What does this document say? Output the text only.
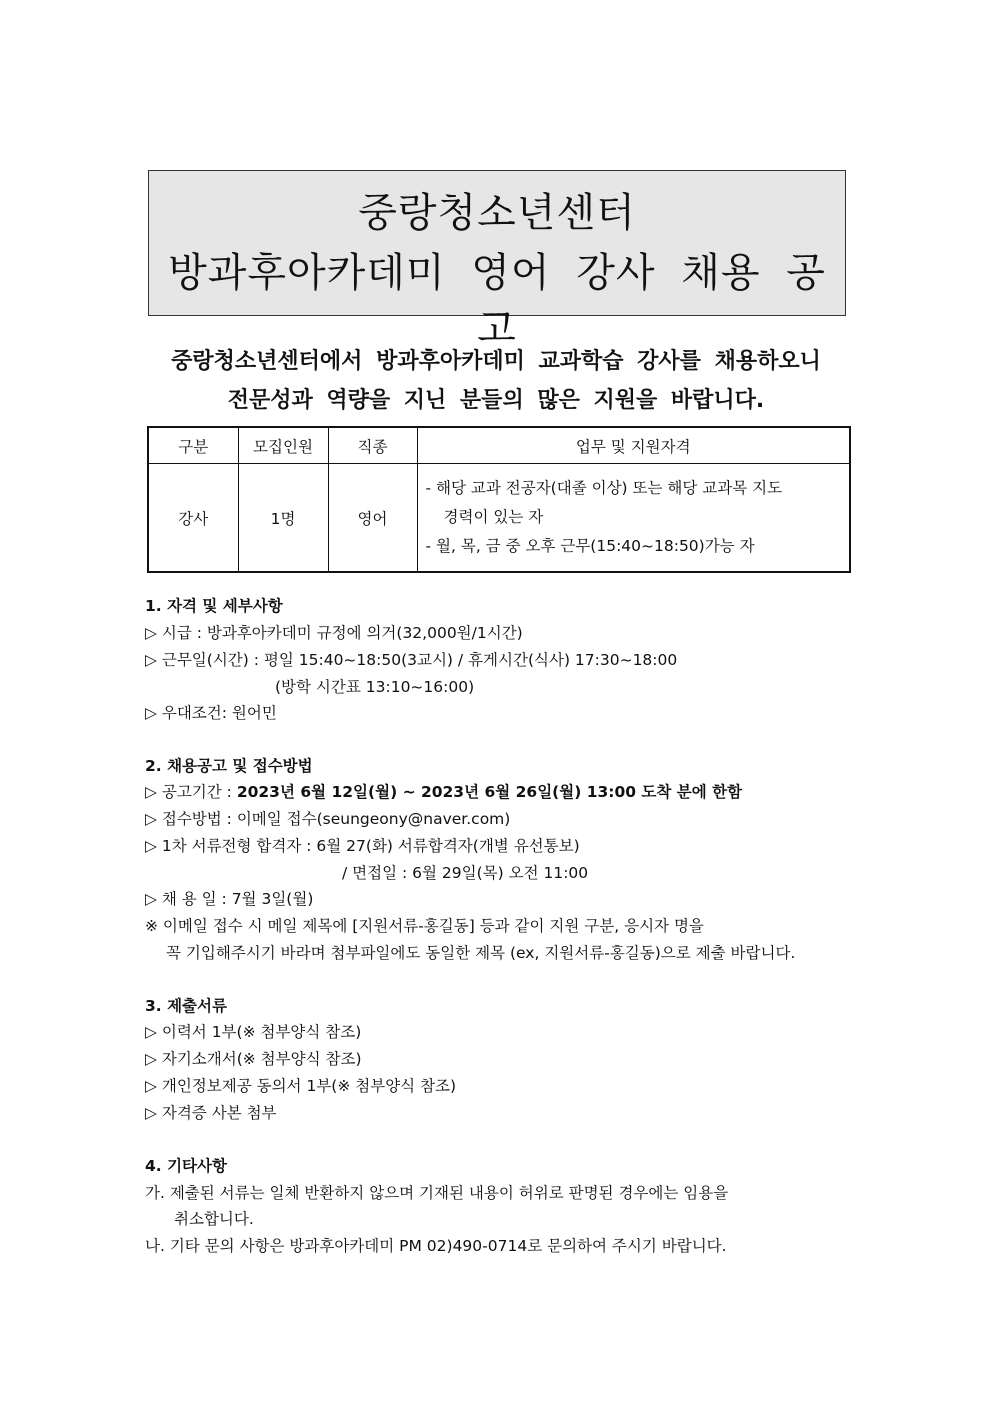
중랑청소년센터
방과후아카데미 영어 강사 채용 공고
중랑청소년센터에서 방과후아카데미 교과학습 강사를 채용하오니
전문성과 역량을 지닌 분들의 많은 지원을 바랍니다.
구분	모집인원	직종	업무 및 지원자격
강사	1명	영어	- 해당 교과 전공자(대졸 이상) 또는 해당 교과목 지도
경력이 있는 자
- 월, 목, 금 중 오후 근무(15:40~18:50)가능 자
1. 자격 및 세부사항
▷ 시급 : 방과후아카데미 규정에 의거(32,000원/1시간)
▷ 근무일(시간) : 평일 15:40~18:50(3교시) / 휴게시간(식사) 17:30~18:00
(방학 시간표 13:10~16:00)
▷ 우대조건: 원어민
2. 채용공고 및 접수방법
▷ 공고기간 : 2023년 6월 12일(월) ~ 2023년 6월 26일(월) 13:00 도착 분에 한함
▷ 접수방법 : 이메일 접수(seungeony@naver.com)
▷ 1차 서류전형 합격자 : 6월 27(화) 서류합격자(개별 유선통보)
/ 면접일 : 6월 29일(목) 오전 11:00
▷ 채 용 일 : 7월 3일(월)
※ 이메일 접수 시 메일 제목에 [지원서류-홍길동] 등과 같이 지원 구분, 응시자 명을
꼭 기입해주시기 바라며 첨부파일에도 동일한 제목 (ex, 지원서류-홍길동)으로 제출 바랍니다.
3. 제출서류
▷ 이력서 1부(※ 첨부양식 참조)
▷ 자기소개서(※ 첨부양식 참조)
▷ 개인정보제공 동의서 1부(※ 첨부양식 참조)
▷ 자격증 사본 첨부
4. 기타사항
가. 제출된 서류는 일체 반환하지 않으며 기재된 내용이 허위로 판명된 경우에는 임용을
취소합니다.
나. 기타 문의 사항은 방과후아카데미 PM 02)490-0714로 문의하여 주시기 바랍니다.
